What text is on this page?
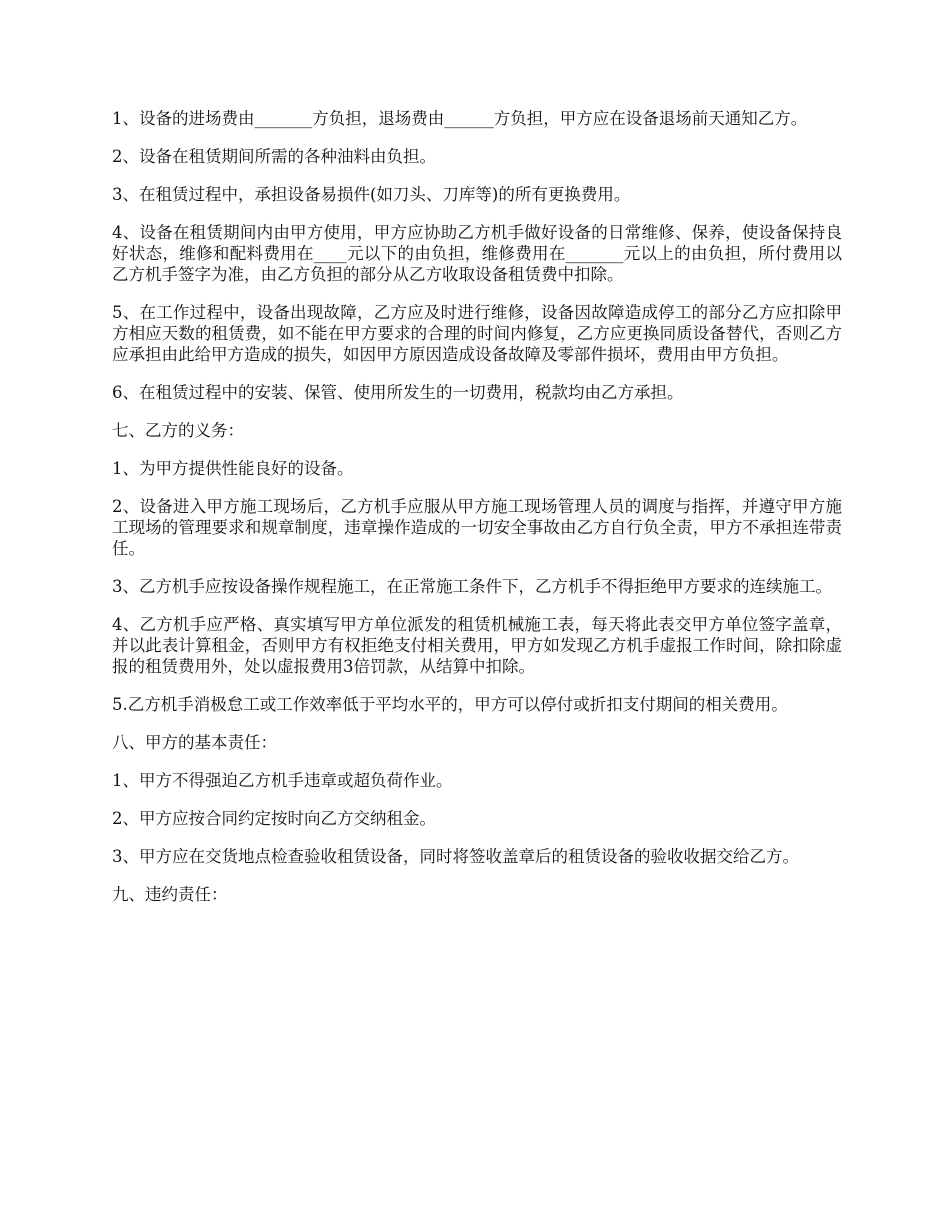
1、设备的进场费由_______方负担，退场费由______方负担，甲方应在设备退场前天通知乙方。

2、设备在租赁期间所需的各种油料由负担。

3、在租赁过程中，承担设备易损件(如刀头、刀库等)的所有更换费用。

4、设备在租赁期间内由甲方使用，甲方应协助乙方机手做好设备的日常维修、保养，使设备保持良好状态，维修和配料费用在____元以下的由负担，维修费用在_______元以上的由负担，所付费用以乙方机手签字为准，由乙方负担的部分从乙方收取设备租赁费中扣除。

5、在工作过程中，设备出现故障，乙方应及时进行维修，设备因故障造成停工的部分乙方应扣除甲方相应天数的租赁费，如不能在甲方要求的合理的时间内修复，乙方应更换同质设备替代，否则乙方应承担由此给甲方造成的损失，如因甲方原因造成设备故障及零部件损坏，费用由甲方负担。

6、在租赁过程中的安装、保管、使用所发生的一切费用，税款均由乙方承担。

七、乙方的义务：

1、为甲方提供性能良好的设备。

2、设备进入甲方施工现场后，乙方机手应服从甲方施工现场管理人员的调度与指挥，并遵守甲方施工现场的管理要求和规章制度，违章操作造成的一切安全事故由乙方自行负全责，甲方不承担连带责任。

3、乙方机手应按设备操作规程施工，在正常施工条件下，乙方机手不得拒绝甲方要求的连续施工。

4、乙方机手应严格、真实填写甲方单位派发的租赁机械施工表，每天将此表交甲方单位签字盖章，并以此表计算租金，否则甲方有权拒绝支付相关费用，甲方如发现乙方机手虚报工作时间，除扣除虚报的租赁费用外，处以虚报费用3倍罚款，从结算中扣除。

5.乙方机手消极怠工或工作效率低于平均水平的，甲方可以停付或折扣支付期间的相关费用。

八、甲方的基本责任：

1、甲方不得强迫乙方机手违章或超负荷作业。

2、甲方应按合同约定按时向乙方交纳租金。

3、甲方应在交货地点检查验收租赁设备，同时将签收盖章后的租赁设备的验收收据交给乙方。

九、违约责任：
